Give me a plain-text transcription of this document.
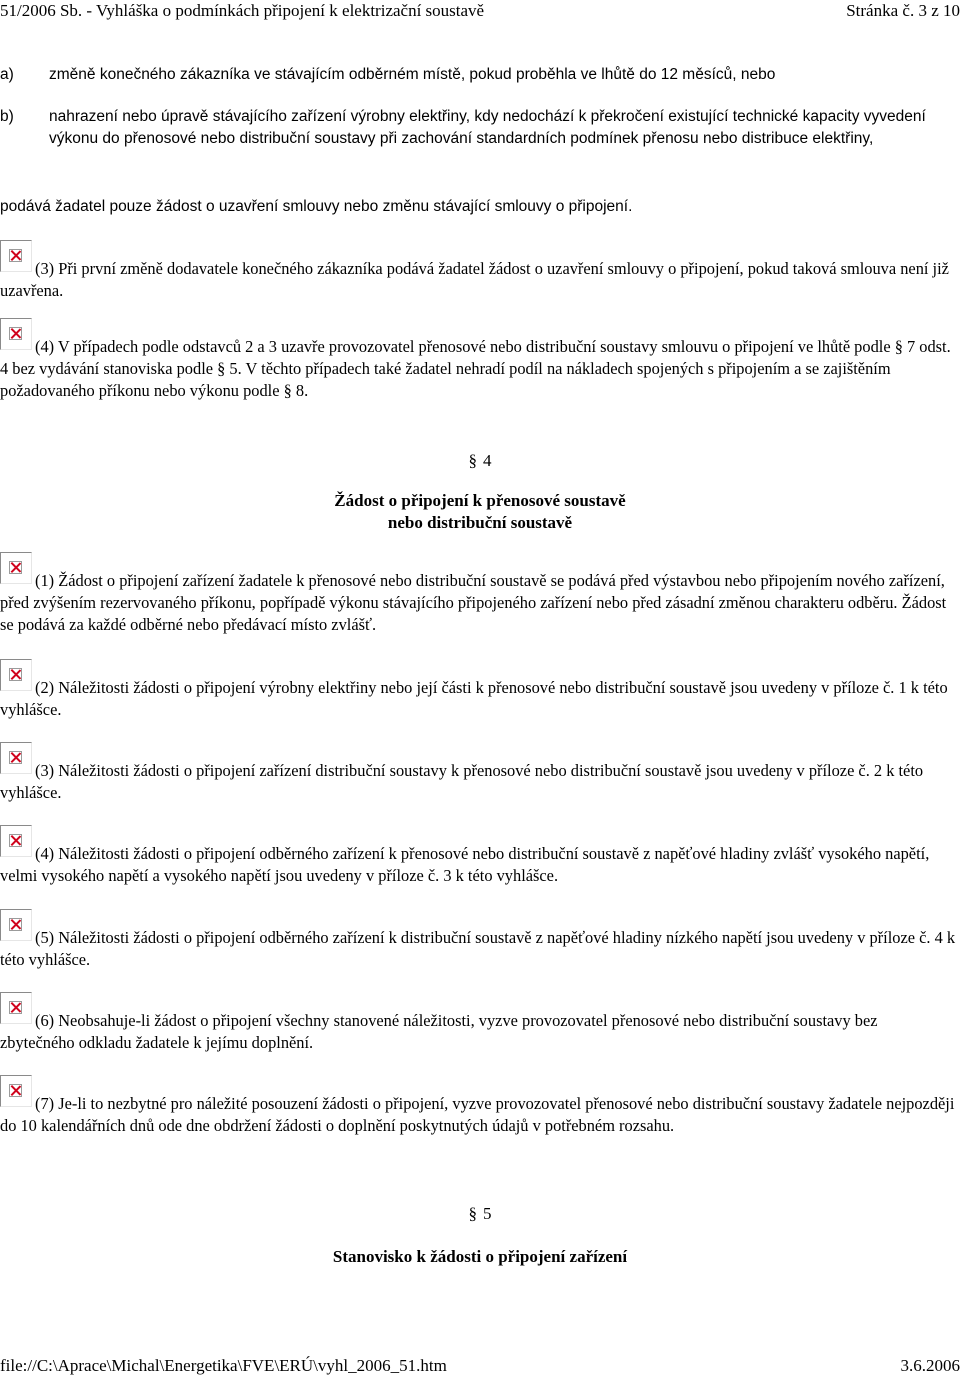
51/2006 Sb. - Vyhláška o podmínkách připojení k elektrizační soustavě	Stránka č. 3 z 10
a) změně konečného zákazníka ve stávajícím odběrném místě, pokud proběhla ve lhůtě do 12 měsíců, nebo
b) nahrazení nebo úpravě stávajícího zařízení výrobny elektřiny, kdy nedochází k překročení existující technické kapacity vyvedení výkonu do přenosové nebo distribuční soustavy při zachování standardních podmínek přenosu nebo distribuce elektřiny,
podává žadatel pouze žádost o uzavření smlouvy nebo změnu stávající smlouvy o připojení.
(3) Při první změně dodavatele konečného zákazníka podává žadatel žádost o uzavření smlouvy o připojení, pokud taková smlouva není již uzavřena.
(4) V případech podle odstavců 2 a 3 uzavře provozovatel přenosové nebo distribuční soustavy smlouvu o připojení ve lhůtě podle § 7 odst. 4 bez vydávání stanoviska podle § 5. V těchto případech také žadatel nehradí podíl na nákladech spojených s připojením a se zajištěním požadovaného příkonu nebo výkonu podle § 8.
§ 4
Žádost o připojení k přenosové soustavě
nebo distribuční soustavě
(1) Žádost o připojení zařízení žadatele k přenosové nebo distribuční soustavě se podává před výstavbou nebo připojením nového zařízení, před zvýšením rezervovaného příkonu, popřípadě výkonu stávajícího připojeného zařízení nebo před zásadní změnou charakteru odběru. Žádost se podává za každé odběrné nebo předávací místo zvlášť.
(2) Náležitosti žádosti o připojení výrobny elektřiny nebo její části k přenosové nebo distribuční soustavě jsou uvedeny v příloze č. 1 k této vyhlášce.
(3) Náležitosti žádosti o připojení zařízení distribuční soustavy k přenosové nebo distribuční soustavě jsou uvedeny v příloze č. 2 k této vyhlášce.
(4) Náležitosti žádosti o připojení odběrného zařízení k přenosové nebo distribuční soustavě z napěťové hladiny zvlášť vysokého napětí, velmi vysokého napětí a vysokého napětí jsou uvedeny v příloze č. 3 k této vyhlášce.
(5) Náležitosti žádosti o připojení odběrného zařízení k distribuční soustavě z napěťové hladiny nízkého napětí jsou uvedeny v příloze č. 4 k této vyhlášce.
(6) Neobsahuje-li žádost o připojení všechny stanovené náležitosti, vyzve provozovatel přenosové nebo distribuční soustavy bez zbytečného odkladu žadatele k jejímu doplnění.
(7) Je-li to nezbytné pro náležité posouzení žádosti o připojení, vyzve provozovatel přenosové nebo distribuční soustavy žadatele nejpozději do 10 kalendářních dnů ode dne obdržení žádosti o doplnění poskytnutých údajů v potřebném rozsahu.
§ 5
Stanovisko k žádosti o připojení zařízení
file://C:\Aprace\Michal\Energetika\FVE\ERÚ\vyhl_2006_51.htm	3.6.2006
